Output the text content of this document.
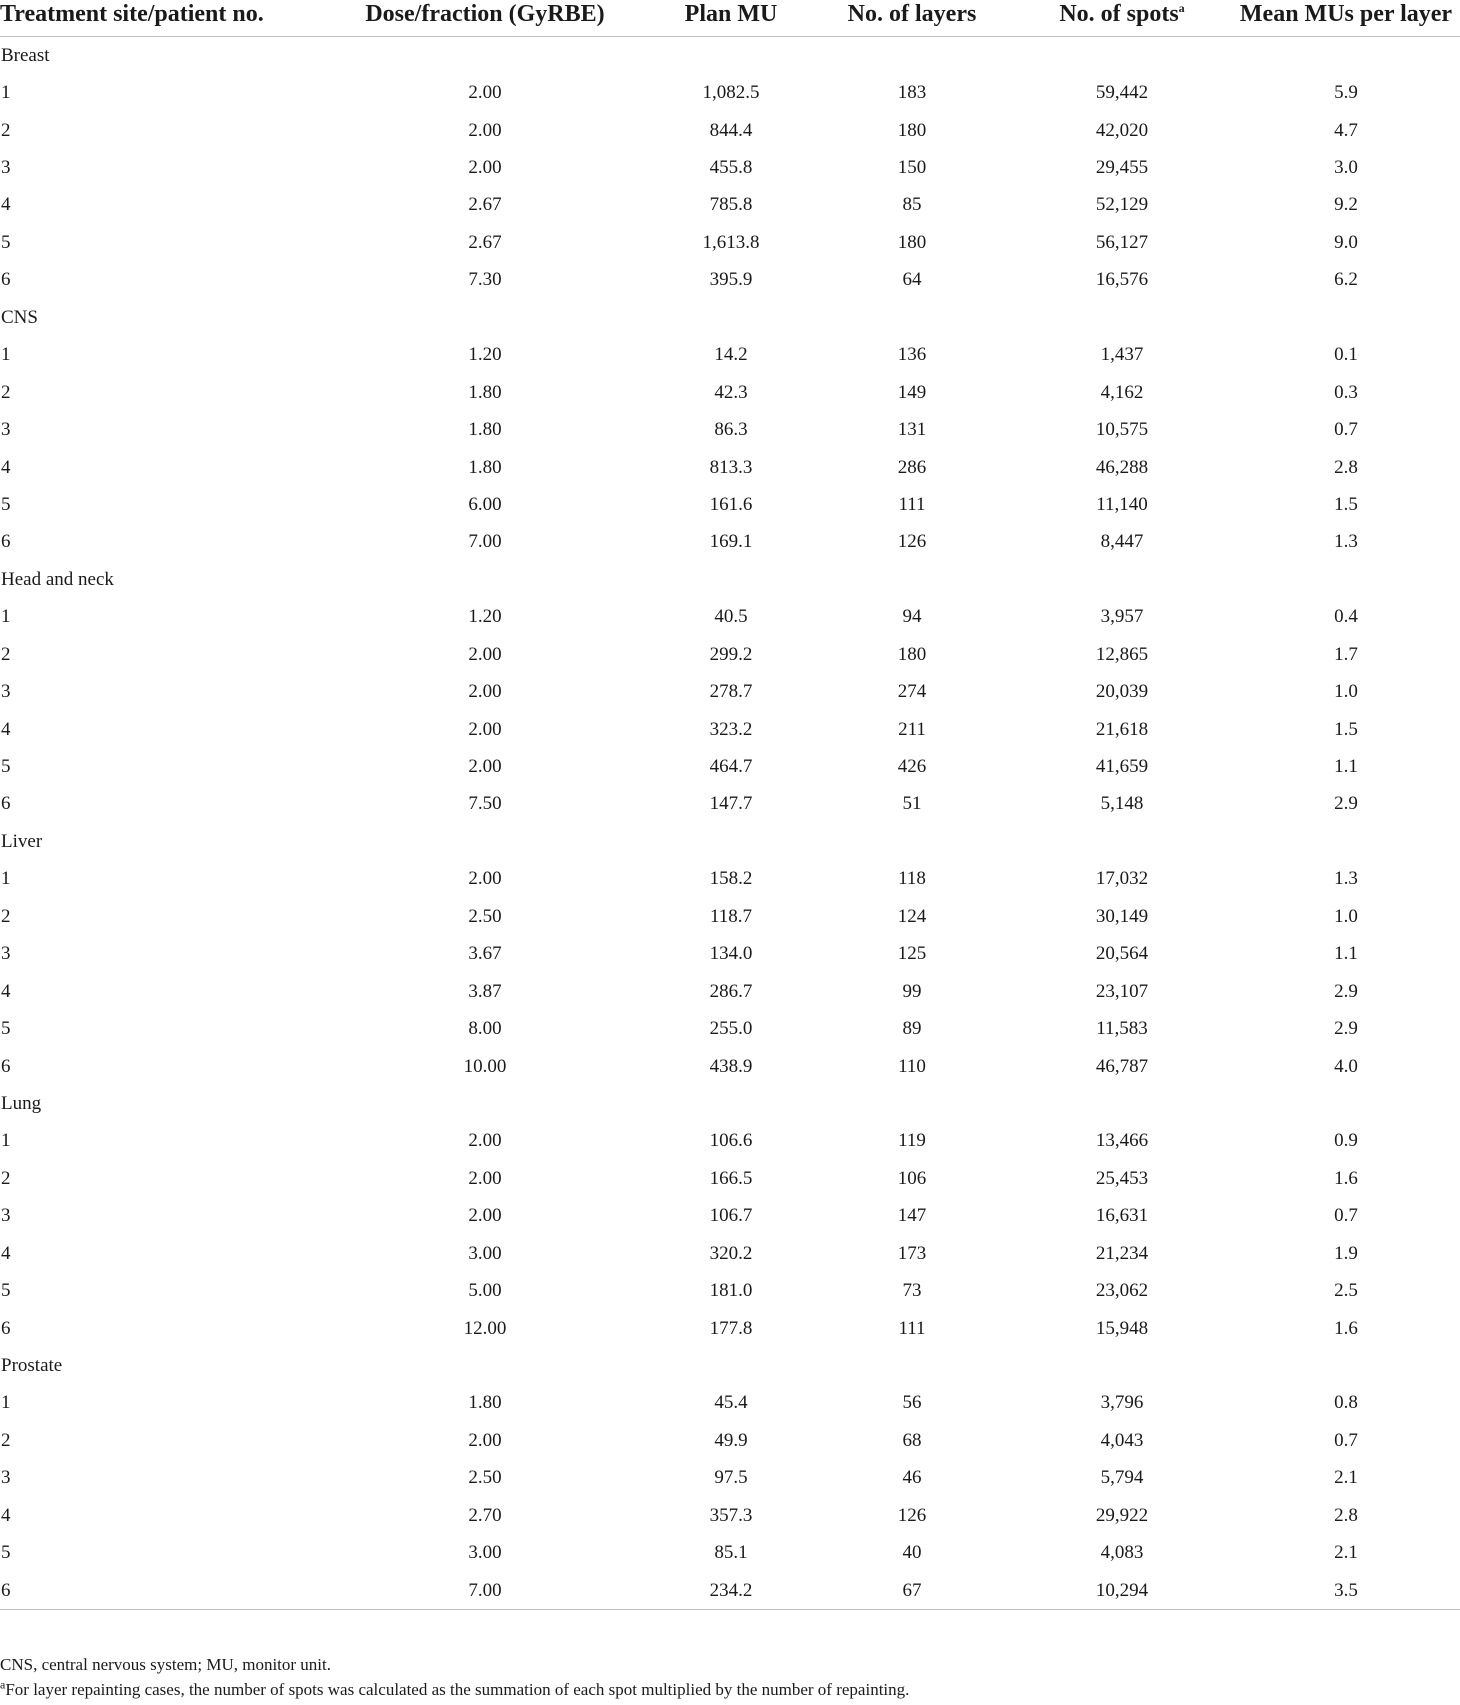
Treatment site/patient no.	Dose/fraction (GyRBE)	Plan MU	No. of layers	No. of spots$^a$	Mean MUs per layer
Breast					
1	2.00	1,082.5	183	59,442	5.9
2	2.00	844.4	180	42,020	4.7
3	2.00	455.8	150	29,455	3.0
4	2.67	785.8	85	52,129	9.2
5	2.67	1,613.8	180	56,127	9.0
6	7.30	395.9	64	16,576	6.2
CNS					
1	1.20	14.2	136	1,437	0.1
2	1.80	42.3	149	4,162	0.3
3	1.80	86.3	131	10,575	0.7
4	1.80	813.3	286	46,288	2.8
5	6.00	161.6	111	11,140	1.5
6	7.00	169.1	126	8,447	1.3
Head and neck					
1	1.20	40.5	94	3,957	0.4
2	2.00	299.2	180	12,865	1.7
3	2.00	278.7	274	20,039	1.0
4	2.00	323.2	211	21,618	1.5
5	2.00	464.7	426	41,659	1.1
6	7.50	147.7	51	5,148	2.9
Liver					
1	2.00	158.2	118	17,032	1.3
2	2.50	118.7	124	30,149	1.0
3	3.67	134.0	125	20,564	1.1
4	3.87	286.7	99	23,107	2.9
5	8.00	255.0	89	11,583	2.9
6	10.00	438.9	110	46,787	4.0
Lung					
1	2.00	106.6	119	13,466	0.9
2	2.00	166.5	106	25,453	1.6
3	2.00	106.7	147	16,631	0.7
4	3.00	320.2	173	21,234	1.9
5	5.00	181.0	73	23,062	2.5
6	12.00	177.8	111	15,948	1.6
Prostate					
1	1.80	45.4	56	3,796	0.8
2	2.00	49.9	68	4,043	0.7
3	2.50	97.5	46	5,794	2.1
4	2.70	357.3	126	29,922	2.8
5	3.00	85.1	40	4,083	2.1
6	7.00	234.2	67	10,294	3.5
CNS, central nervous system; MU, monitor unit.
$^a$For layer repainting cases, the number of spots was calculated as the summation of each spot multiplied by the number of repainting.
